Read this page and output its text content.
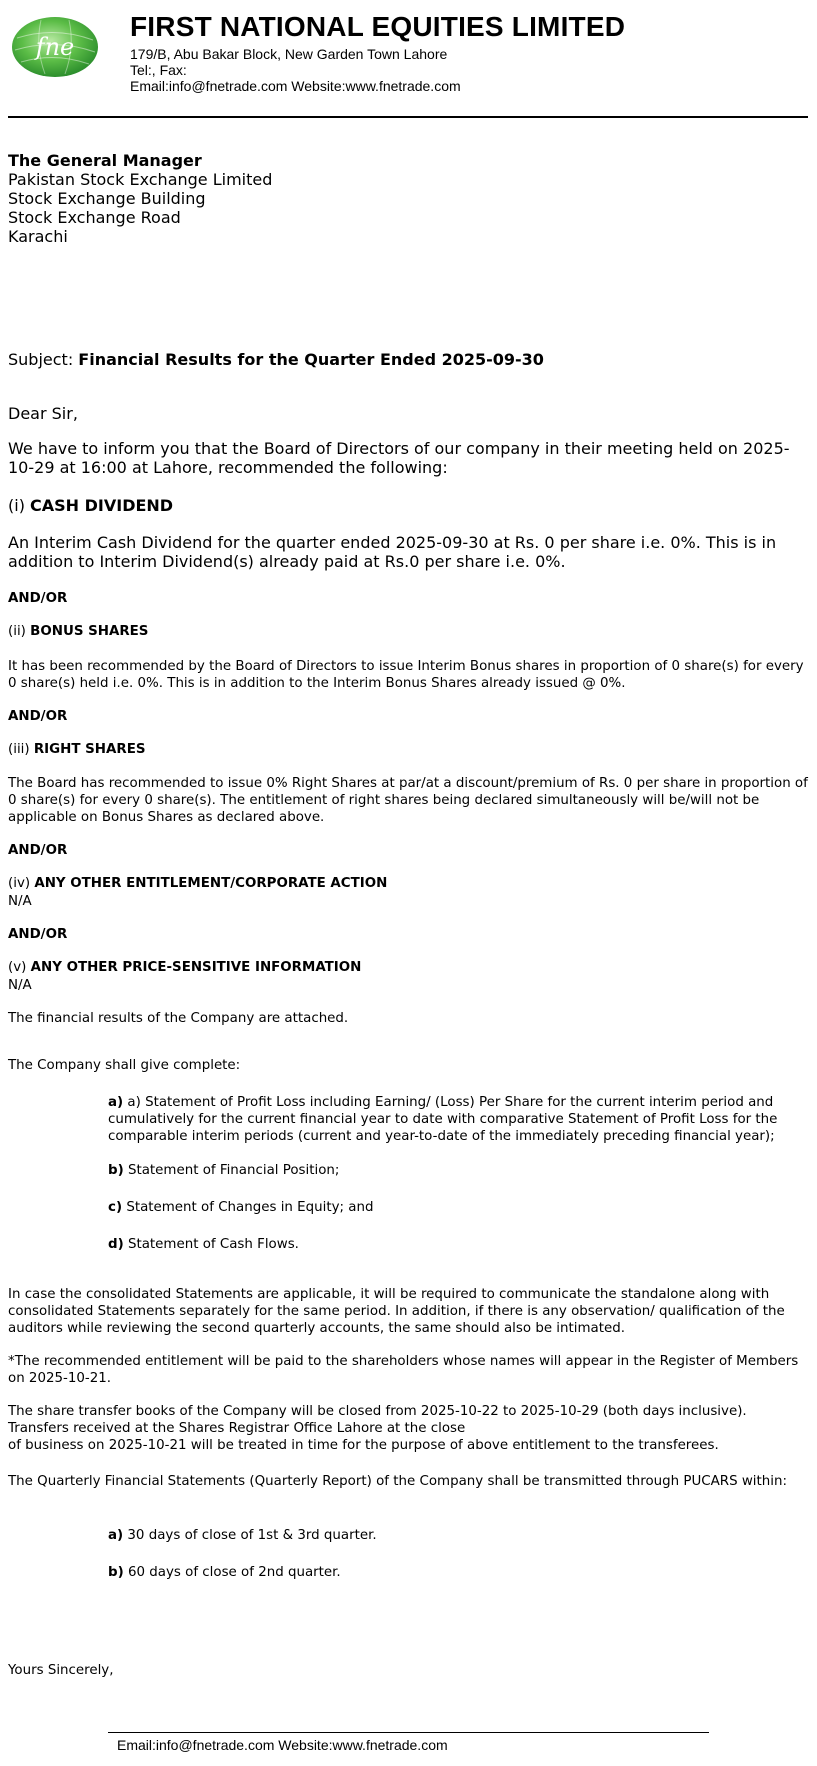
fne
FIRST NATIONAL EQUITIES LIMITED
179/B, Abu Bakar Block, New Garden Town Lahore
Tel:, Fax:
Email:info@fnetrade.com Website:www.fnetrade.com
The General Manager
Pakistan Stock Exchange Limited
Stock Exchange Building
Stock Exchange Road
Karachi
Subject: Financial Results for the Quarter Ended 2025-09-30
Dear Sir,
We have to inform you that the Board of Directors of our company in their meeting held on 2025-10-29 at 16:00 at Lahore, recommended the following:
(i) CASH DIVIDEND
An Interim Cash Dividend for the quarter ended 2025-09-30 at Rs. 0 per share i.e. 0%. This is in addition to Interim Dividend(s) already paid at Rs.0 per share i.e. 0%.
AND/OR
(ii) BONUS SHARES
It has been recommended by the Board of Directors to issue Interim Bonus shares in proportion of 0 share(s) for every 0 share(s) held i.e. 0%. This is in addition to the Interim Bonus Shares already issued @ 0%.
AND/OR
(iii) RIGHT SHARES
The Board has recommended to issue 0% Right Shares at par/at a discount/premium of Rs. 0 per share in proportion of 0 share(s) for every 0 share(s). The entitlement of right shares being declared simultaneously will be/will not be applicable on Bonus Shares as declared above.
AND/OR
(iv) ANY OTHER ENTITLEMENT/CORPORATE ACTION
N/A
AND/OR
(v) ANY OTHER PRICE-SENSITIVE INFORMATION
N/A
The financial results of the Company are attached.
The Company shall give complete:
a) a) Statement of Profit Loss including Earning/ (Loss) Per Share for the current interim period and cumulatively for the current financial year to date with comparative Statement of Profit Loss for the comparable interim periods (current and year-to-date of the immediately preceding financial year);
b) Statement of Financial Position;
c) Statement of Changes in Equity; and
d) Statement of Cash Flows.
In case the consolidated Statements are applicable, it will be required to communicate the standalone along with consolidated Statements separately for the same period. In addition, if there is any observation/ qualification of the auditors while reviewing the second quarterly accounts, the same should also be intimated.
*The recommended entitlement will be paid to the shareholders whose names will appear in the Register of Members on 2025-10-21.
The share transfer books of the Company will be closed from 2025-10-22 to 2025-10-29 (both days inclusive).
Transfers received at the Shares Registrar Office Lahore at the close
of business on 2025-10-21 will be treated in time for the purpose of above entitlement to the transferees.
The Quarterly Financial Statements (Quarterly Report) of the Company shall be transmitted through PUCARS within:
a) 30 days of close of 1st & 3rd quarter.
b) 60 days of close of 2nd quarter.
Yours Sincerely,
Email:info@fnetrade.com Website:www.fnetrade.com
